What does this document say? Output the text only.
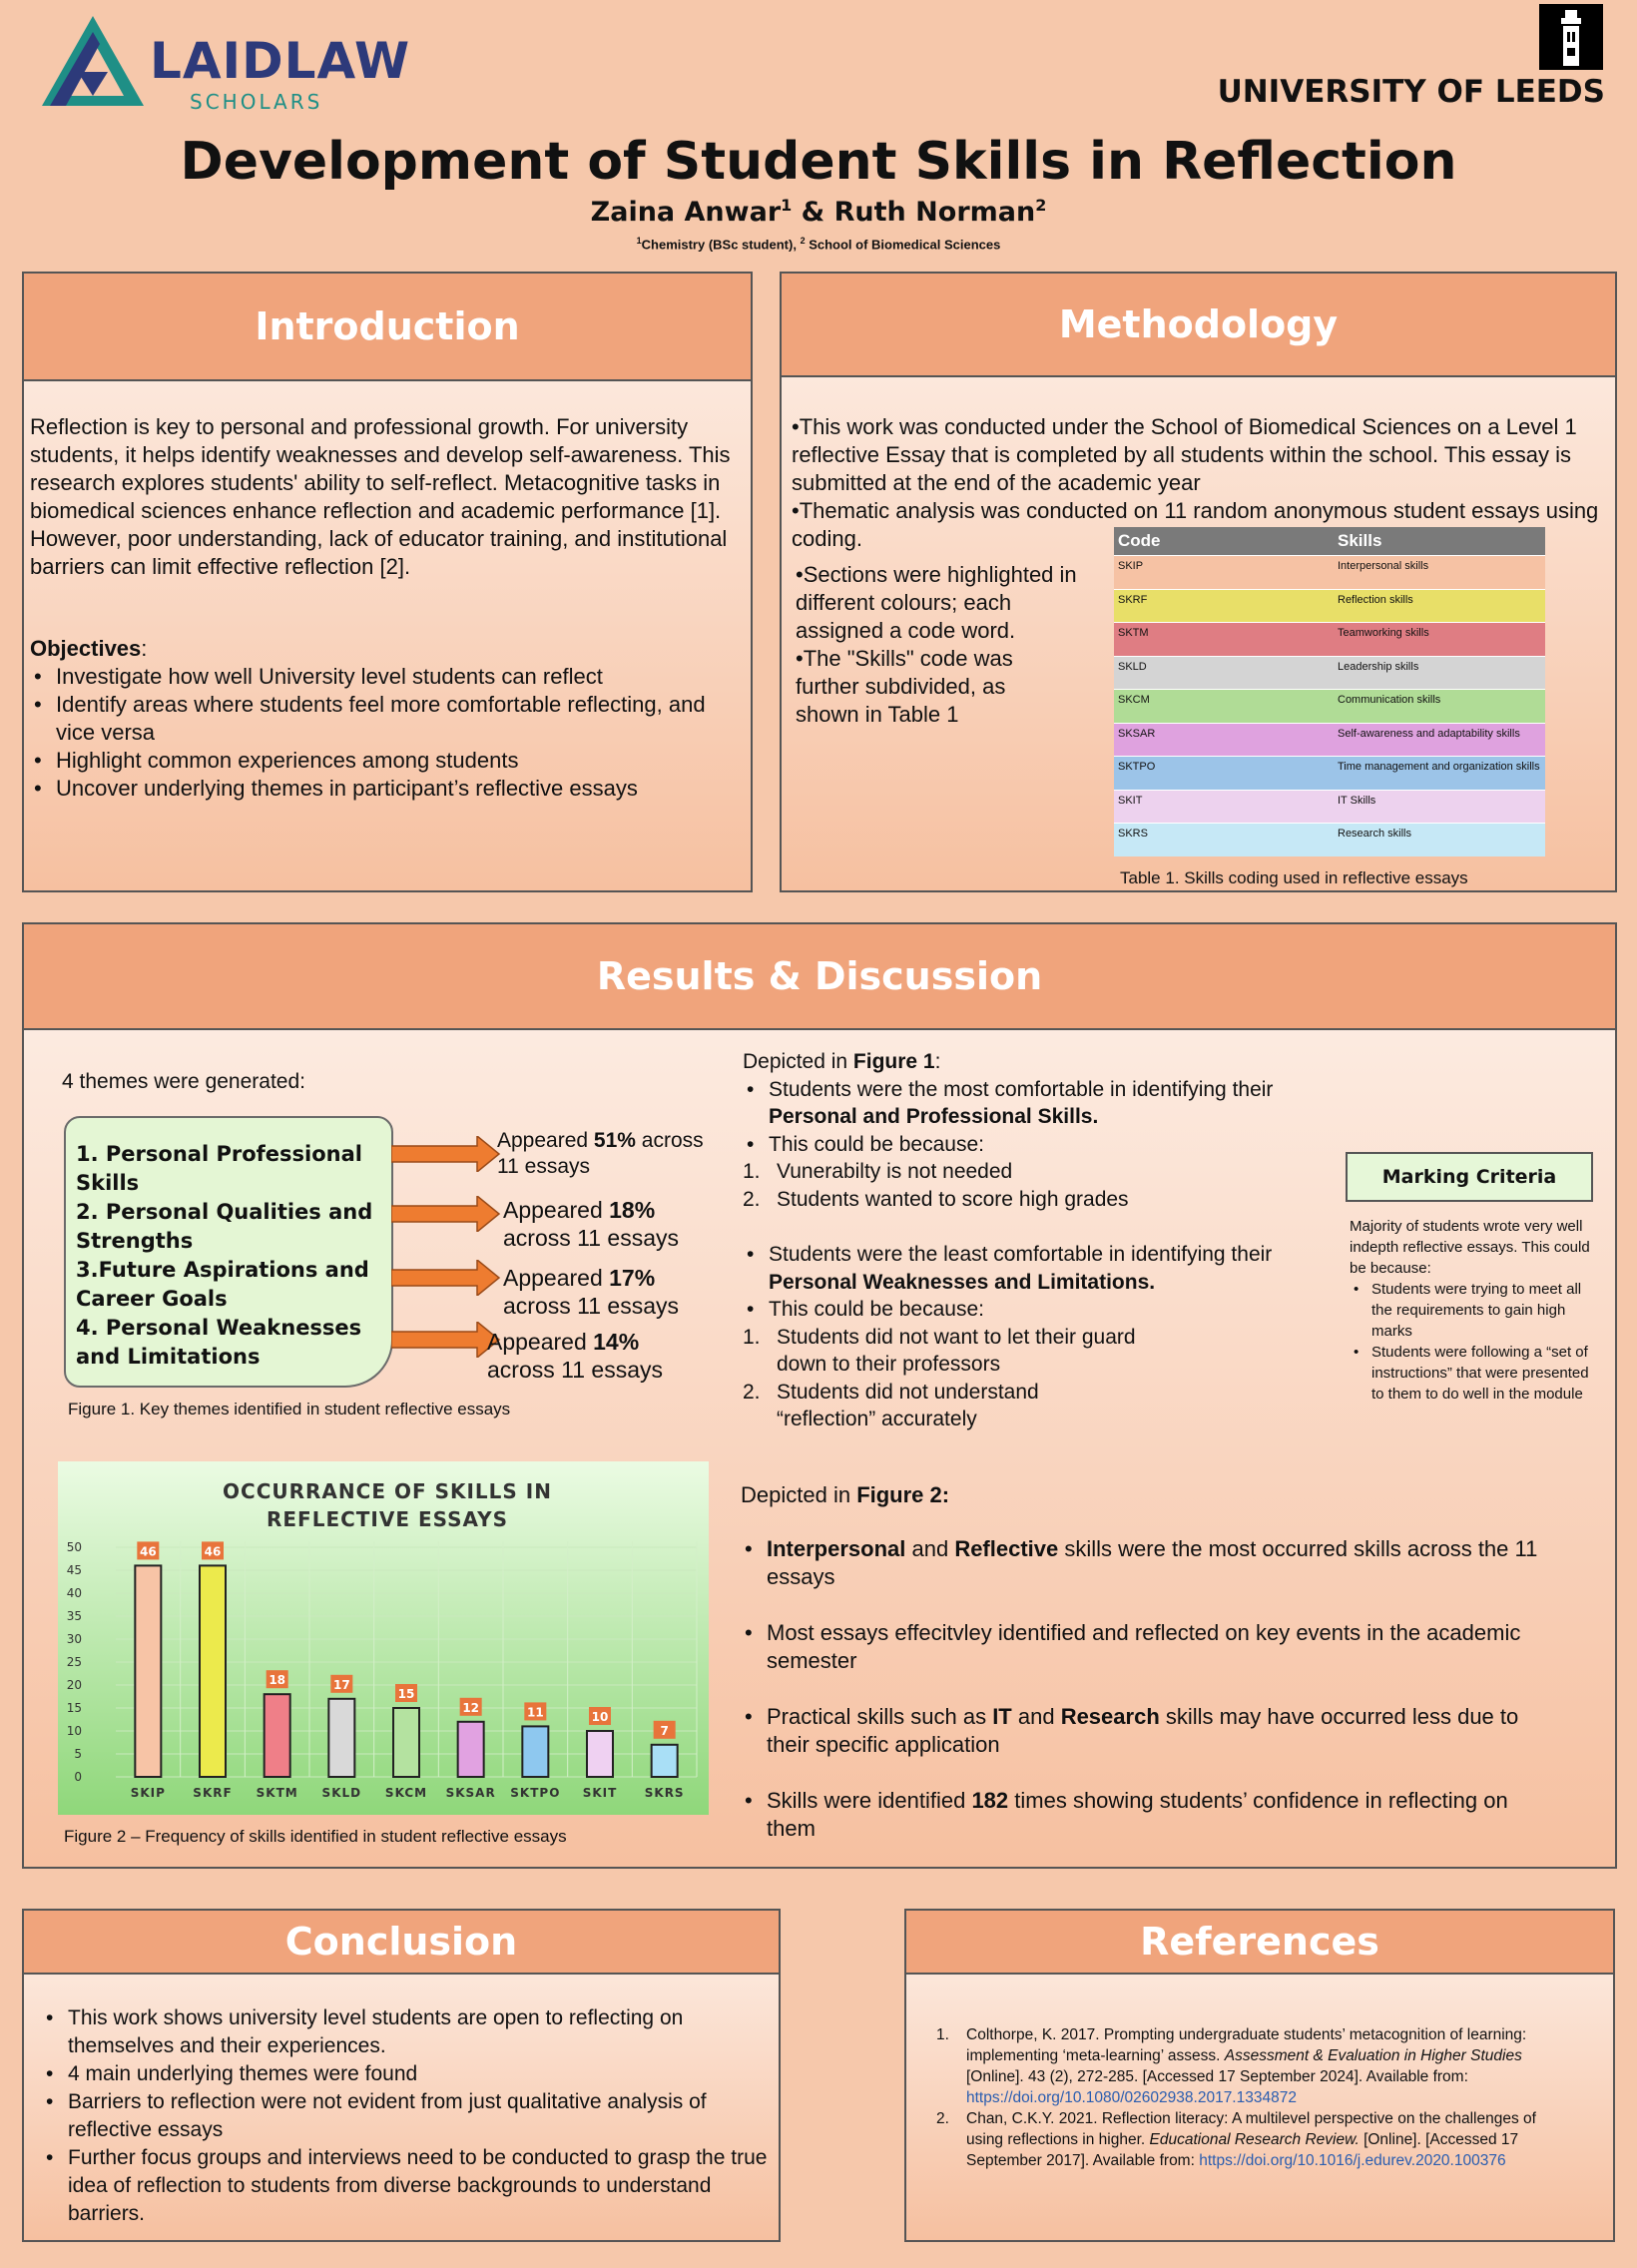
LAIDLAW
SCHOLARS	UNIVERSITY OF LEEDS
Development of Student Skills in Reflection
Zaina Anwar$^1$ & Ruth Norman$^2$
$^1$Chemistry (BSc student), $^2$ School of Biomedical Sciences
Introduction
Reflection is key to personal and professional growth. For university students, it helps identify weaknesses and develop self-awareness. This research explores students' ability to self-reflect. Metacognitive tasks in biomedical sciences enhance reflection and academic performance [1]. However, poor understanding, lack of educator training, and institutional barriers can limit effective reflection [2].
Objectives:
• Investigate how well University level students can reflect
• Identify areas where students feel more comfortable reflecting, and vice versa
• Highlight common experiences among students
• Uncover underlying themes in participant’s reflective essays
Methodology
•This work was conducted under the School of Biomedical Sciences on a Level 1 reflective Essay that is completed by all students within the school. This essay is submitted at the end of the academic year
•Thematic analysis was conducted on 11 random anonymous student essays using coding.
•Sections were highlighted in different colours; each assigned a code word.
•The "Skills" code was further subdivided, as shown in Table 1
Code	Skills
SKIP	Interpersonal skills
SKRF	Reflection skills
SKTM	Teamworking skills
SKLD	Leadership skills
SKCM	Communication skills
SKSAR	Self-awareness and adaptability skills
SKTPO	Time management and organization skills
SKIT	IT Skills
SKRS	Research skills
Table 1. Skills coding used in reflective essays
Results & Discussion
4 themes were generated:
1. Personal Professional Skills
2. Personal Qualities and Strengths
3.Future Aspirations and Career Goals
4. Personal Weaknesses and Limitations
Appeared 51% across 11 essays
Appeared 18% across 11 essays
Appeared 17% across 11 essays
Appeared 14% across 11 essays
Figure 1. Key themes identified in student reflective essays
OCCURRANCE OF SKILLS IN REFLECTIVE ESSAYS
0
5
10
15
20
25
30
35
40
45
50	46
SKIP
46
SKRF
18
SKTM
17
SKLD
15
SKCM
12
SKSAR
11
SKTPO
10
SKIT
7
SKRS
Figure 2 – Frequency of skills identified in student reflective essays
Depicted in Figure 1:
• Students were the most comfortable in identifying their Personal and Professional Skills.
• This could be because:
1. Vunerabilty is not needed
2. Students wanted to score high grades
• Students were the least comfortable in identifying their Personal Weaknesses and Limitations.
• This could be because:
1. Students did not want to let their guard down to their professors
2. Students did not understand “reflection” accurately
Depicted in Figure 2:
• Interpersonal and Reflective skills were the most occurred skills across the 11 essays
• Most essays effecitvley identified and reflected on key events in the academic semester
• Practical skills such as IT and Research skills may have occurred less due to their specific application
• Skills were identified 182 times showing students’ confidence in reflecting on them
Marking Criteria
Majority of students wrote very well indepth reflective essays. This could be because:
• Students were trying to meet all the requirements to gain high marks
• Students were following a “set of instructions” that were presented to them to do well in the module
Conclusion
• This work shows university level students are open to reflecting on themselves and their experiences.
• 4 main underlying themes were found
• Barriers to reflection were not evident from just qualitative analysis of reflective essays
• Further focus groups and interviews need to be conducted to grasp the true idea of reflection to students from diverse backgrounds to understand barriers.
References
1. Colthorpe, K. 2017. Prompting undergraduate students’ metacognition of learning: implementing ‘meta-learning’ assess. Assessment & Evaluation in Higher Studies [Online]. 43 (2), 272-285. [Accessed 17 September 2024]. Available from: https://doi.org/10.1080/02602938.2017.1334872
2. Chan, C.K.Y. 2021. Reflection literacy: A multilevel perspective on the challenges of using reflections in higher. Educational Research Review. [Online]. [Accessed 17 September 2017]. Available from: https://doi.org/10.1016/j.edurev.2020.100376
